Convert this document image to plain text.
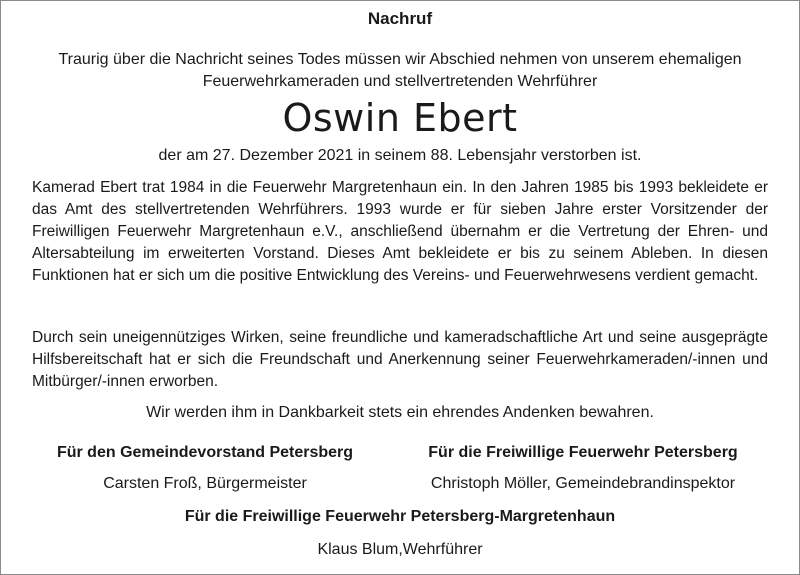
Nachruf
Traurig über die Nachricht seines Todes müssen wir Abschied nehmen von unserem ehemaligen Feuerwehrkameraden und stellvertretenden Wehrführer
Oswin Ebert
der am 27. Dezember 2021 in seinem 88. Lebensjahr verstorben ist.
Kamerad Ebert trat 1984 in die Feuerwehr Margretenhaun ein. In den Jahren 1985 bis 1993 bekleidete er das Amt des stellvertretenden Wehrführers. 1993 wurde er für sieben Jahre erster Vorsitzender der Freiwilligen Feuerwehr Margretenhaun e.V., anschließend übernahm er die Vertretung der Ehren- und Altersabteilung im erweiterten Vorstand. Dieses Amt bekleidete er bis zu seinem Ableben. In diesen Funktionen hat er sich um die positive Entwicklung des Vereins- und Feuerwehrwesens verdient gemacht.
Durch sein uneigennütziges Wirken, seine freundliche und kameradschaftliche Art und seine ausgeprägte Hilfsbereitschaft hat er sich die Freundschaft und Anerkennung seiner Feuerwehrkameraden/-innen und Mitbürger/-innen erworben.
Wir werden ihm in Dankbarkeit stets ein ehrendes Andenken bewahren.
Für den Gemeindevorstand Petersberg	Für die Freiwillige Feuerwehr Petersberg
Carsten Froß, Bürgermeister	Christoph Möller, Gemeindebrandinspektor
Für die Freiwillige Feuerwehr Petersberg-Margretenhaun
Klaus Blum,Wehrführer
